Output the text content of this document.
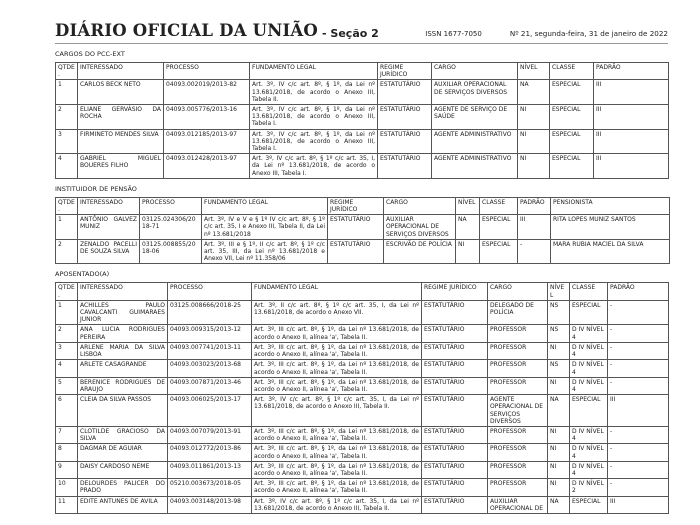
DIÁRIO OFICIAL DA UNIÃO - Seção 2	ISSN 1677-7050	Nº 21, segunda-feira, 31 de janeiro de 2022
CARGOS DO PCC-EXT
QTDE.	INTERESSADO	PROCESSO	FUNDAMENTO LEGAL	REGIME JURÍDICO	CARGO	NÍVEL	CLASSE	PADRÃO
1	CARLOS BECK NETO	04093.002019/2013-82	Art. 3º, IV c/c art. 8º, § 1º, da Lei nº 13.681/2018, de acordo o Anexo III, Tabela II.	ESTATUTÁRIO	AUXILIAR OPERACIONAL DE SERVIÇOS DIVERSOS	NA	ESPECIAL	III
2	ELIANE GERVÁSIO DA ROCHA	04093.005776/2013-16	Art. 3º, IV c/c art. 8º, § 1º, da Lei nº 13.681/2018, de acordo o Anexo III, Tabela I.	ESTATUTÁRIO	AGENTE DE SERVIÇO DE SAÚDE	NI	ESPECIAL	III
3	FIRMINETO MENDES SILVA	04093.012185/2013-97	Art. 3º, IV c/c art. 8º, § 1º, da Lei nº 13.681/2018, de acordo o Anexo III, Tabela I.	ESTATUTÁRIO	AGENTE ADMINISTRATIVO	NI	ESPECIAL	III
4	GABRIEL MIGUEL BOUERES FILHO	04093.012428/2013-97	Art. 3º, IV c/c art. 8º, § 1º c/c art. 35, I, da Lei nº 13.681/2018, de acordo o Anexo III, Tabela I.	ESTATUTÁRIO	AGENTE ADMINISTRATIVO	NI	ESPECIAL	III
INSTITUIDOR DE PENSÃO
QTDE.	INTERESSADO	PROCESSO	FUNDAMENTO LEGAL	REGIME JURÍDICO	CARGO	NÍVEL	CLASSE	PADRÃO	PENSIONISTA
1	ANTÔNIO GALVEZ MUNIZ	03125.024306/2018-71	Art. 3º, IV e V e § 1º IV c/c art. 8º, § 1º c/c art. 35, I e Anexo III, Tabela II, da Lei nº 13.681/2018	ESTATUTÁRIO	AUXILIAR OPERACIONAL DE SERVIÇOS DIVERSOS	NA	ESPECIAL	III	RITA LOPES MUNIZ SANTOS
2	ZENALDO PACELLI DE SOUZA SILVA	03125.008855/2018-06	Art. 3º, III e § 1º, II c/c art. 8º, § 1º c/c art. 35, III, da Lei nº 13.681/2018 e Anexo VII, Lei nº 11.358/06	ESTATUTÁRIO	ESCRIVÃO DE POLÍCIA	NI	ESPECIAL	-	MARA RUBIA MACIEL DA SILVA
APOSENTADO(A)
QTDE.	INTERESSADO	PROCESSO	FUNDAMENTO LEGAL	REGIME JURÍDICO	CARGO	NÍVEL	CLASSE	PADRÃO
1	ACHILLES PAULO CAVALCANTI GUIMARAES JUNIOR	03125.008666/2018-25	Art. 3º, II c/c art. 8º, § 1º c/c art. 35, I, da Lei nº 13.681/2018, de acordo o Anexo VII.	ESTATUTÁRIO	DELEGADO DE POLÍCIA	NS	ESPECIAL	-
2	ANA LUCIA RODRIGUES PEREIRA	04093.009315/2013-12	Art. 3º, III c/c art. 8º, § 1º, da Lei nº 13.681/2018, de acordo o Anexo II, alínea 'a', Tabela II.	ESTATUTÁRIO	PROFESSOR	NS	D IV NÍVEL 4	-
3	ARLENE MARIA DA SILVA LISBOA	04093.007741/2013-11	Art. 3º, III c/c art. 8º, § 1º, da Lei nº 13.681/2018, de acordo o Anexo II, alínea 'a', Tabela II.	ESTATUTÁRIO	PROFESSOR	NI	D IV NÍVEL 4	-
4	ARLETE CASAGRANDE	04093.003023/2013-68	Art. 3º, III c/c art. 8º, § 1º, da Lei nº 13.681/2018, de acordo o Anexo II, alínea 'a', Tabela II.	ESTATUTÁRIO	PROFESSOR	NS	D IV NÍVEL 4	-
5	BERENICE RODRIGUES DE ARAUJO	04093.007871/2013-46	Art. 3º, III c/c art. 8º, § 1º, da Lei nº 13.681/2018, de acordo o Anexo II, alínea 'a', Tabela II.	ESTATUTÁRIO	PROFESSOR	NI	D IV NÍVEL 4	-
6	CLEIA DA SILVA PASSOS	04093.006025/2013-17	Art. 3º, IV c/c art. 8º, § 1º c/c art. 35, I, da Lei nº 13.681/2018, de acordo o Anexo III, Tabela II.	ESTATUTÁRIO	AGENTE OPERACIONAL DE SERVIÇOS DIVERSOS	NA	ESPECIAL	III
7	CLOTILDE GRACIOSO DA SILVA	04093.007079/2013-91	Art. 3º, III c/c art. 8º, § 1º, da Lei nº 13.681/2018, de acordo o Anexo II, alínea 'a', Tabela II.	ESTATUTÁRIO	PROFESSOR	NI	D IV NÍVEL 4	-
8	DAGMAR DE AGUIAR	04093.012772/2013-86	Art. 3º, III c/c art. 8º, § 1º, da Lei nº 13.681/2018, de acordo o Anexo II, alínea 'a', Tabela II.	ESTATUTÁRIO	PROFESSOR	NI	D IV NÍVEL 4	-
9	DAISY CARDOSO NEME	04093.011861/2013-13	Art. 3º, III c/c art. 8º, § 1º, da Lei nº 13.681/2018, de acordo o Anexo II, alínea 'a', Tabela II.	ESTATUTÁRIO	PROFESSOR	NI	D IV NÍVEL 4	-
10	DELOURDES PALICER DO PRADO	05210.003673/2018-05	Art. 3º, III c/c art. 8º, § 1º, da Lei nº 13.681/2018, de acordo o Anexo II, alínea 'a', Tabela II.	ESTATUTÁRIO	PROFESSOR	NI	D IV NÍVEL 2	-
11	EDITE ANTUNES DE AVILA	04093.003148/2013-98	Art. 3º, IV c/c art. 8º, § 1º c/c art. 35, I, da Lei nº 13.681/2018, de acordo o Anexo III, Tabela II.	ESTATUTÁRIO	AUXILIAR OPERACIONAL DE	NA	ESPECIAL	III
